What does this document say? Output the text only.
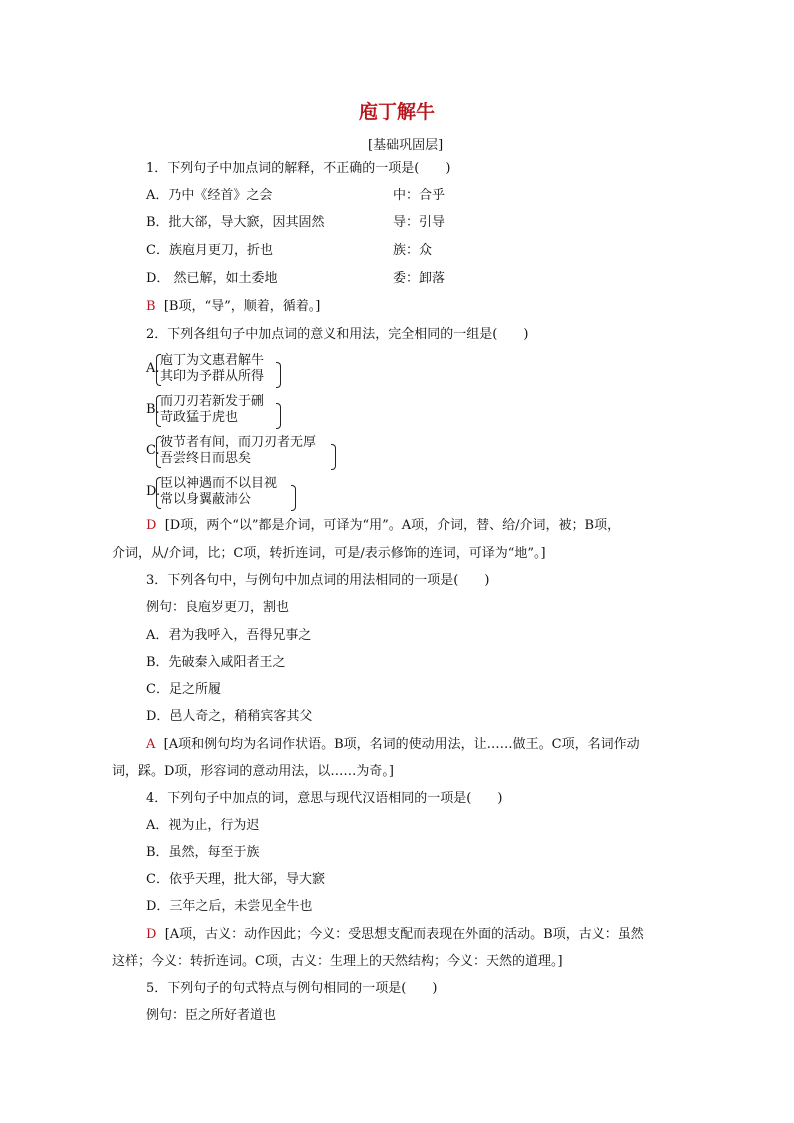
庖丁解牛
[基础巩固层]
1．下列句子中加点词的解释，不正确的一项是(　　)
A．乃中《经首》之会	中：合乎
B．批大郤，导大窾，因其固然	导：引导
C．族庖月更刀，折也	族：众
D． 然已解，如土委地	委：卸落
B [B项，“导”，顺着，循着。]
2．下列各组句子中加点词的意义和用法，完全相同的一组是(　　)
A.
庖丁为文惠君解牛
其印为予群从所得
B.
而刀刃若新发于硎
苛政猛于虎也
C.
彼节者有间，而刀刃者无厚
吾尝终日而思矣
D.
臣以神遇而不以目视
常以身翼蔽沛公
D [D项，两个“以”都是介词，可译为“用”。A项，介词，替、给/介词，被；B项，
介词，从/介词，比；C项，转折连词，可是/表示修饰的连词，可译为“地”。]
3．下列各句中，与例句中加点词的用法相同的一项是(　　)
例句：良庖岁更刀，割也
A．君为我呼入，吾得兄事之
B．先破秦入咸阳者王之
C．足之所履
D．邑人奇之，稍稍宾客其父
A [A项和例句均为名词作状语。B项，名词的使动用法，让……做王。C项，名词作动
词，踩。D项，形容词的意动用法，以……为奇。]
4．下列句子中加点的词，意思与现代汉语相同的一项是(　　)
A．视为止，行为迟
B．虽然，每至于族
C．依乎天理，批大郤，导大窾
D．三年之后，未尝见全牛也
D [A项，古义：动作因此；今义：受思想支配而表现在外面的活动。B项，古义：虽然
这样；今义：转折连词。C项，古义：生理上的天然结构；今义：天然的道理。]
5．下列句子的句式特点与例句相同的一项是(　　)
例句：臣之所好者道也
